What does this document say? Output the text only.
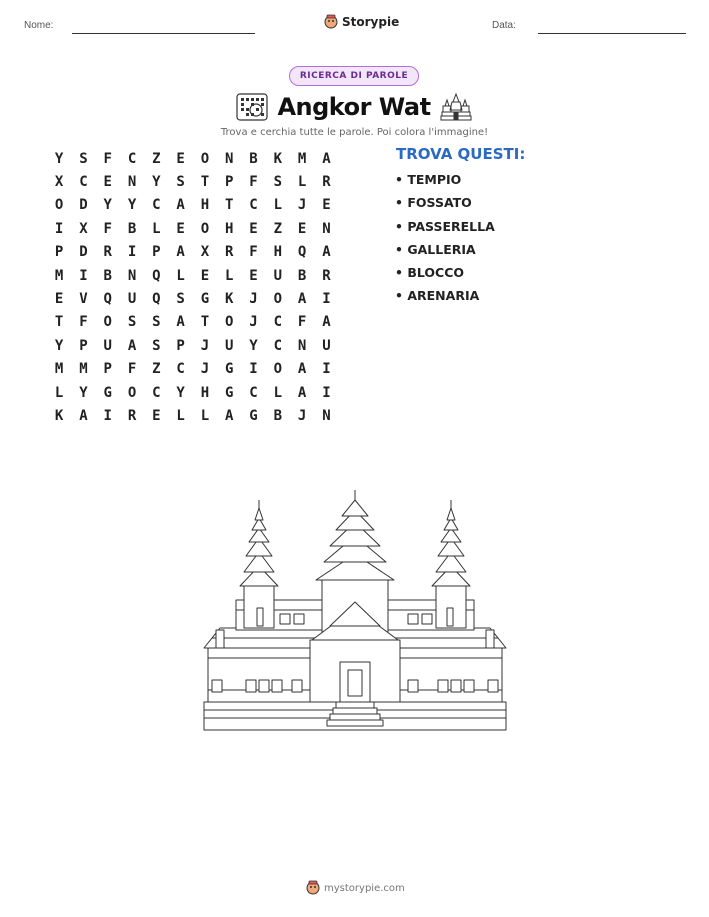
Nome:	Storypie	Data:
RICERCA DI PAROLE
Angkor Wat
Trova e cerchia tutte le parole. Poi colora l'immagine!
Y	S	F	C	Z	E	O	N	B	K	M	A
X	C	E	N	Y	S	T	P	F	S	L	R
O	D	Y	Y	C	A	H	T	C	L	J	E
I	X	F	B	L	E	O	H	E	Z	E	N
P	D	R	I	P	A	X	R	F	H	Q	A
M	I	B	N	Q	L	E	L	E	U	B	R
E	V	Q	U	Q	S	G	K	J	O	A	I
T	F	O	S	S	A	T	O	J	C	F	A
Y	P	U	A	S	P	J	U	Y	C	N	U
M	M	P	F	Z	C	J	G	I	O	A	I
L	Y	G	O	C	Y	H	G	C	L	A	I
K	A	I	R	E	L	L	A	G	B	J	N
TROVA QUESTI:
• TEMPIO
• FOSSATO
• PASSERELLA
• GALLERIA
• BLOCCO
• ARENARIA
mystorypie.com
